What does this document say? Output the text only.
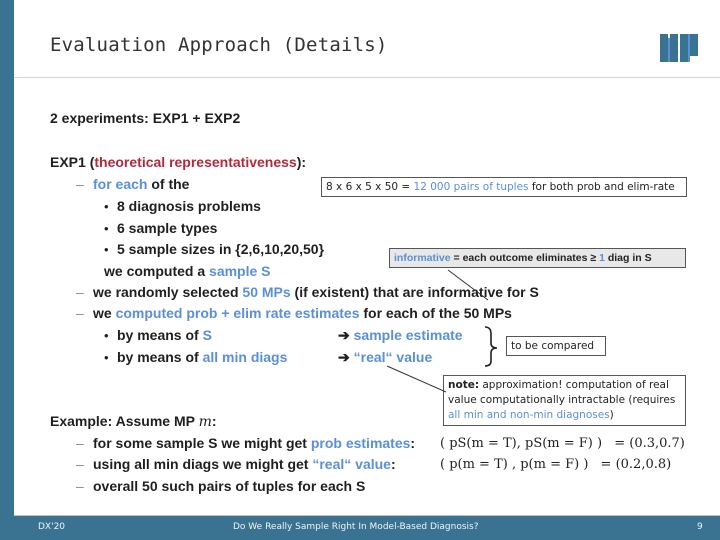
Evaluation Approach (Details)
2 experiments: EXP1 + EXP2
EXP1 (theoretical representativeness):
– for each of the
• 8 diagnosis problems
• 6 sample types
• 5 sample sizes in {2,6,10,20,50}
we computed a sample S
– we randomly selected 50 MPs (if existent) that are informative for S
– we computed prob + elim rate estimates for each of the 50 MPs
• by means of S
• by means of all min diags
➔ sample estimate
➔ “real“ value
Example: Assume MP m:
– for some sample S we might get prob estimates:
– using all min diags we might get “real“ value:
– overall 50 such pairs of tuples for each S
8 x 6 x 5 x 50 = 12 000 pairs of tuples for both prob and elim-rate
informative = each outcome eliminates ≥ 1 diag in S
to be compared
note: approximation! computation of real value computationally intractable (requires all min and non-min diagnoses)
( pS(m = T), pS(m = F) ) = (0.3,0.7)
( p(m = T) , p(m = F) ) = (0.2,0.8)
DX'20	Do We Really Sample Right In Model-Based Diagnosis?	9
